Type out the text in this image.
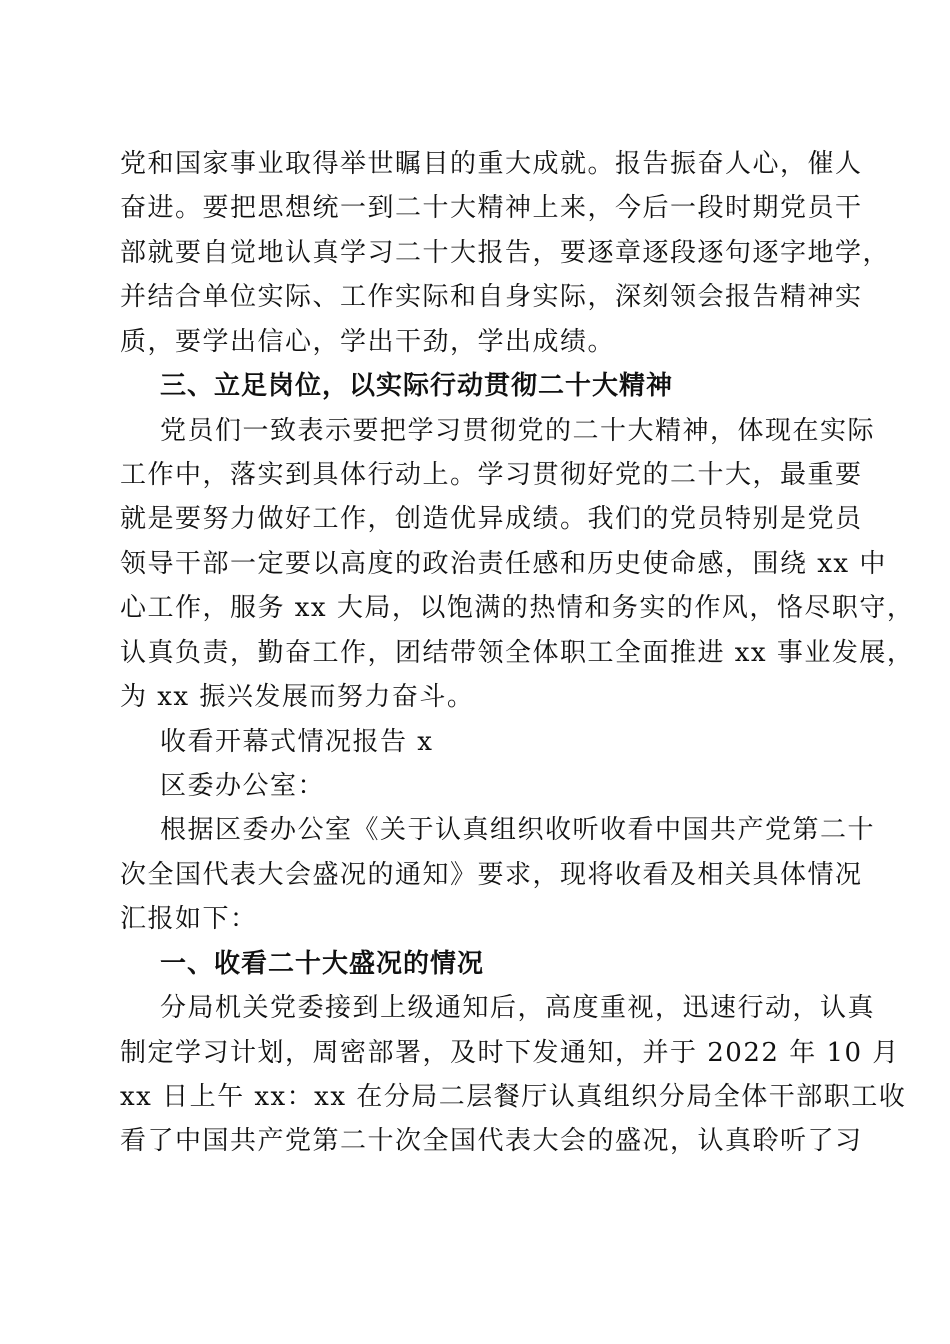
党和国家事业取得举世瞩目的重大成就。报告振奋人心，催人
奋进。要把思想统一到二十大精神上来，今后一段时期党员干
部就要自觉地认真学习二十大报告，要逐章逐段逐句逐字地学，
并结合单位实际、工作实际和自身实际，深刻领会报告精神实
质，要学出信心，学出干劲，学出成绩。
三、立足岗位，以实际行动贯彻二十大精神
党员们一致表示要把学习贯彻党的二十大精神，体现在实际
工作中，落实到具体行动上。学习贯彻好党的二十大，最重要
就是要努力做好工作，创造优异成绩。我们的党员特别是党员
领导干部一定要以高度的政治责任感和历史使命感，围绕 xx 中
心工作，服务 xx 大局，以饱满的热情和务实的作风，恪尽职守，
认真负责，勤奋工作，团结带领全体职工全面推进 xx 事业发展，
为 xx 振兴发展而努力奋斗。
收看开幕式情况报告 x
区委办公室：
根据区委办公室《关于认真组织收听收看中国共产党第二十
次全国代表大会盛况的通知》要求，现将收看及相关具体情况
汇报如下：
一、收看二十大盛况的情况
分局机关党委接到上级通知后，高度重视，迅速行动，认真
制定学习计划，周密部署，及时下发通知，并于 2022 年 10 月
xx 日上午 xx：xx 在分局二层餐厅认真组织分局全体干部职工收
看了中国共产党第二十次全国代表大会的盛况，认真聆听了习
